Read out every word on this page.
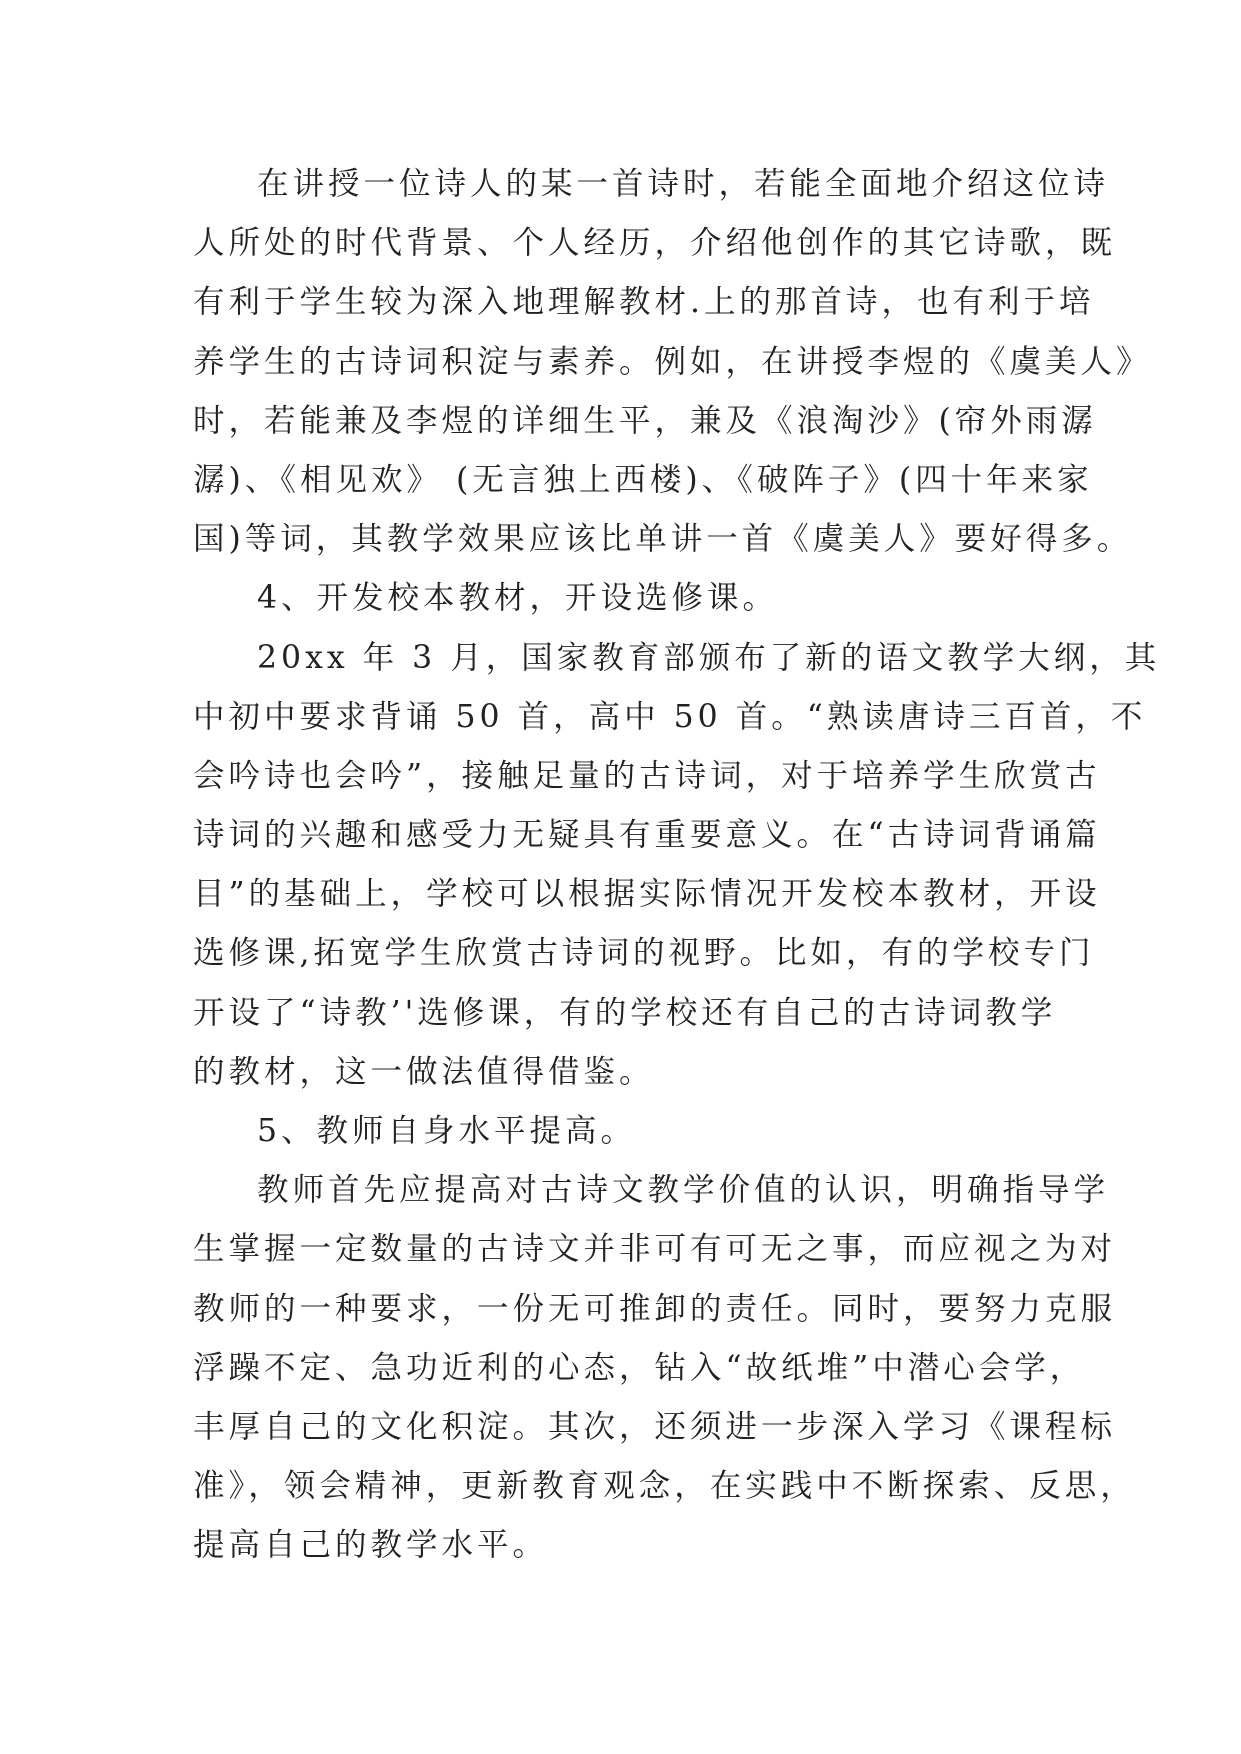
在讲授一位诗人的某一首诗时，若能全面地介绍这位诗
人所处的时代背景、个人经历，介绍他创作的其它诗歌，既
有利于学生较为深入地理解教材.上的那首诗，也有利于培
养学生的古诗词积淀与素养。例如，在讲授李煜的《虞美人》
时，若能兼及李煜的详细生平，兼及《浪淘沙》(帘外雨潺
潺)、《相见欢》 (无言独上西楼)、《破阵子》(四十年来家
国)等词，其教学效果应该比单讲一首《虞美人》要好得多。
4、开发校本教材，开设选修课。
20xx 年 3 月，国家教育部颁布了新的语文教学大纲，其
中初中要求背诵 50 首，高中 50 首。“熟读唐诗三百首，不
会吟诗也会吟”，接触足量的古诗词，对于培养学生欣赏古
诗词的兴趣和感受力无疑具有重要意义。在“古诗词背诵篇
目”的基础上，学校可以根据实际情况开发校本教材，开设
选修课,拓宽学生欣赏古诗词的视野。比如，有的学校专门
开设了“诗教’'选修课，有的学校还有自己的古诗词教学
的教材，这一做法值得借鉴。
5、教师自身水平提高。
教师首先应提高对古诗文教学价值的认识，明确指导学
生掌握一定数量的古诗文并非可有可无之事，而应视之为对
教师的一种要求，一份无可推卸的责任。同时，要努力克服
浮躁不定、急功近利的心态，钻入“故纸堆”中潜心会学，
丰厚自己的文化积淀。其次，还须进一步深入学习《课程标
准》，领会精神，更新教育观念，在实践中不断探索、反思，
提高自己的教学水平。
